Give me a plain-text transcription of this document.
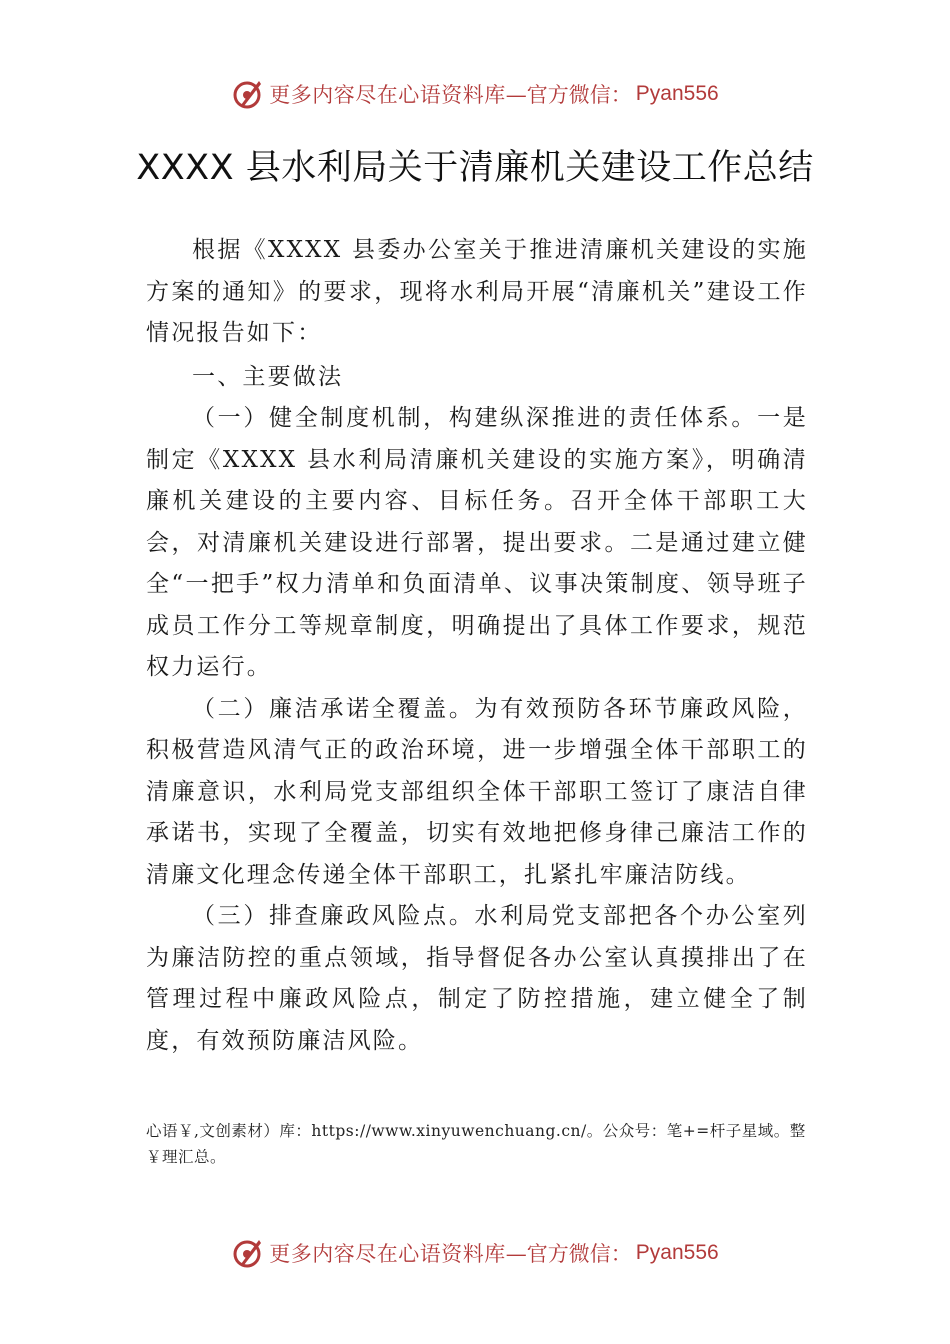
更多内容尽在心语资料库 —官方微信： Pyan556
XXXX 县水利局关于清廉机关建设工作总结

根据《XXXX 县委办公室关于推进清廉机关建设的实施方案的通知》的要求，现将水利局开展“清廉机关”建设工作情况报告如下：

一、主要做法

（一）健全制度机制，构建纵深推进的责任体系。一是制定《XXXX 县水利局清廉机关建设的实施方案》，明确清廉机关建设的主要内容、目标任务。召开全体干部职工大会，对清廉机关建设进行部署，提出要求。二是通过建立健全“一把手”权力清单和负面清单、议事决策制度、领导班子成员工作分工等规章制度，明确提出了具体工作要求，规范权力运行。

（二）廉洁承诺全覆盖。为有效预防各环节廉政风险，积极营造风清气正的政治环境，进一步增强全体干部职工的清廉意识，水利局党支部组织全体干部职工签订了康洁自律承诺书，实现了全覆盖，切实有效地把修身律己廉洁工作的清廉文化理念传递全体干部职工，扎紧扎牢廉洁防线。

（三）排查廉政风险点。水利局党支部把各个办公室列为廉洁防控的重点领域，指导督促各办公室认真摸排出了在管理过程中廉政风险点，制定了防控措施，建立健全了制度，有效预防廉洁风险。

心语￥,文创素材）库：https://www.xinyuwenchuang.cn/。公众号：笔+=杆子星域。整￥理汇总。
更多内容尽在心语资料库 —官方微信： Pyan556
